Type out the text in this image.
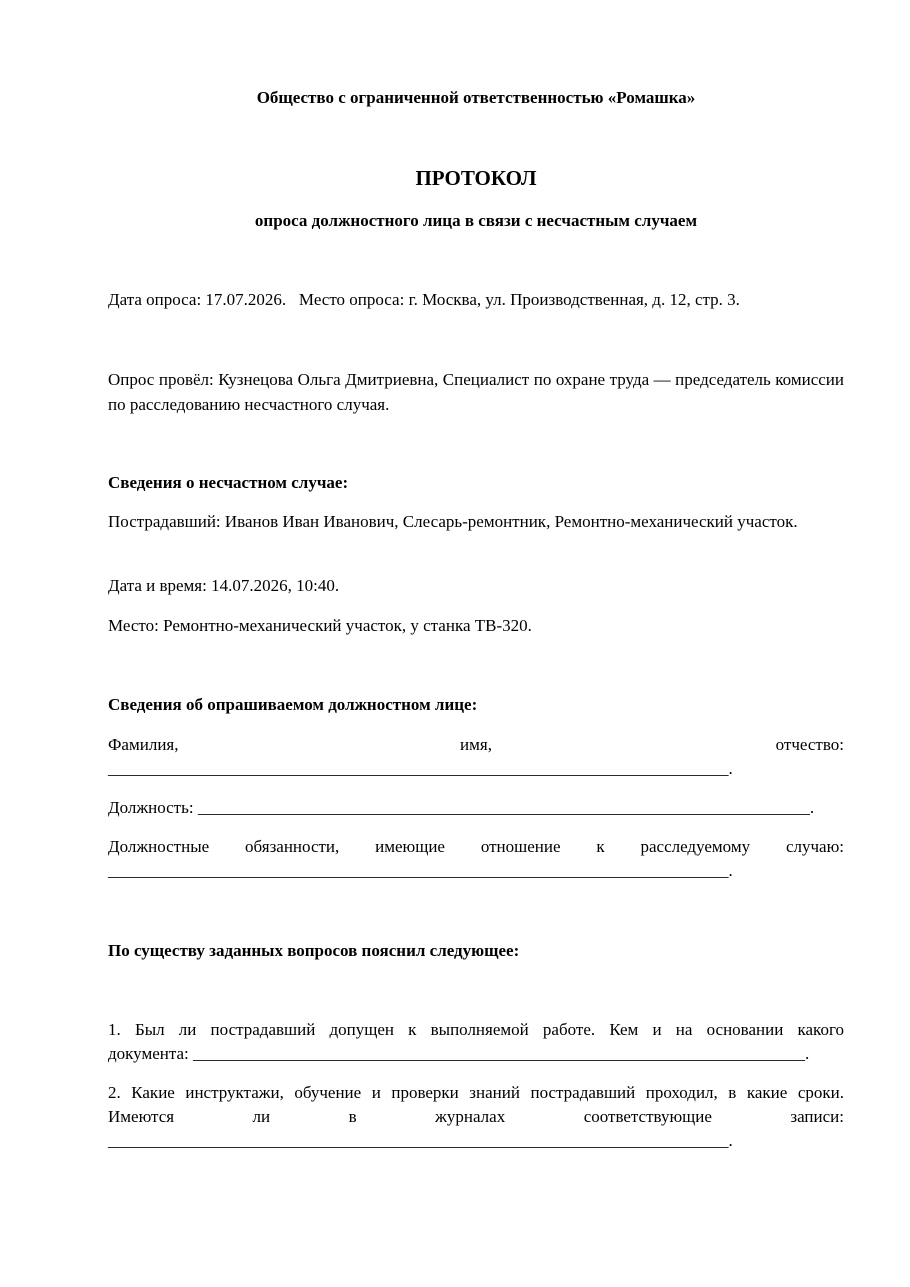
Общество с ограниченной ответственностью «Ромашка»
ПРОТОКОЛ
опроса должностного лица в связи с несчастным случаем
Дата опроса: 17.07.2026.   Место опроса: г. Москва, ул. Производственная, д. 12, стр. 3.
Опрос провёл: Кузнецова Ольга Дмитриевна, Специалист по охране труда — председатель комиссии по расследованию несчастного случая.
Сведения о несчастном случае:
Пострадавший: Иванов Иван Иванович, Слесарь-ремонтник, Ремонтно-механический участок.
Дата и время: 14.07.2026, 10:40.
Место: Ремонтно-механический участок, у станка ТВ-320.
Сведения об опрашиваемом должностном лице:
Фамилия,	имя,	отчество:
_________________________________________________________________________.
Должность: ________________________________________________________________________.
Должностные обязанности, имеющие отношение к расследуемому случаю:
_________________________________________________________________________.
По существу заданных вопросов пояснил следующее:
1. Был ли пострадавший допущен к выполняемой работе. Кем и на основании какого
документа: ________________________________________________________________________.
2. Какие инструктажи, обучение и проверки знаний пострадавший проходил, в какие сроки.
Имеются ли в журналах соответствующие записи:
_________________________________________________________________________.
